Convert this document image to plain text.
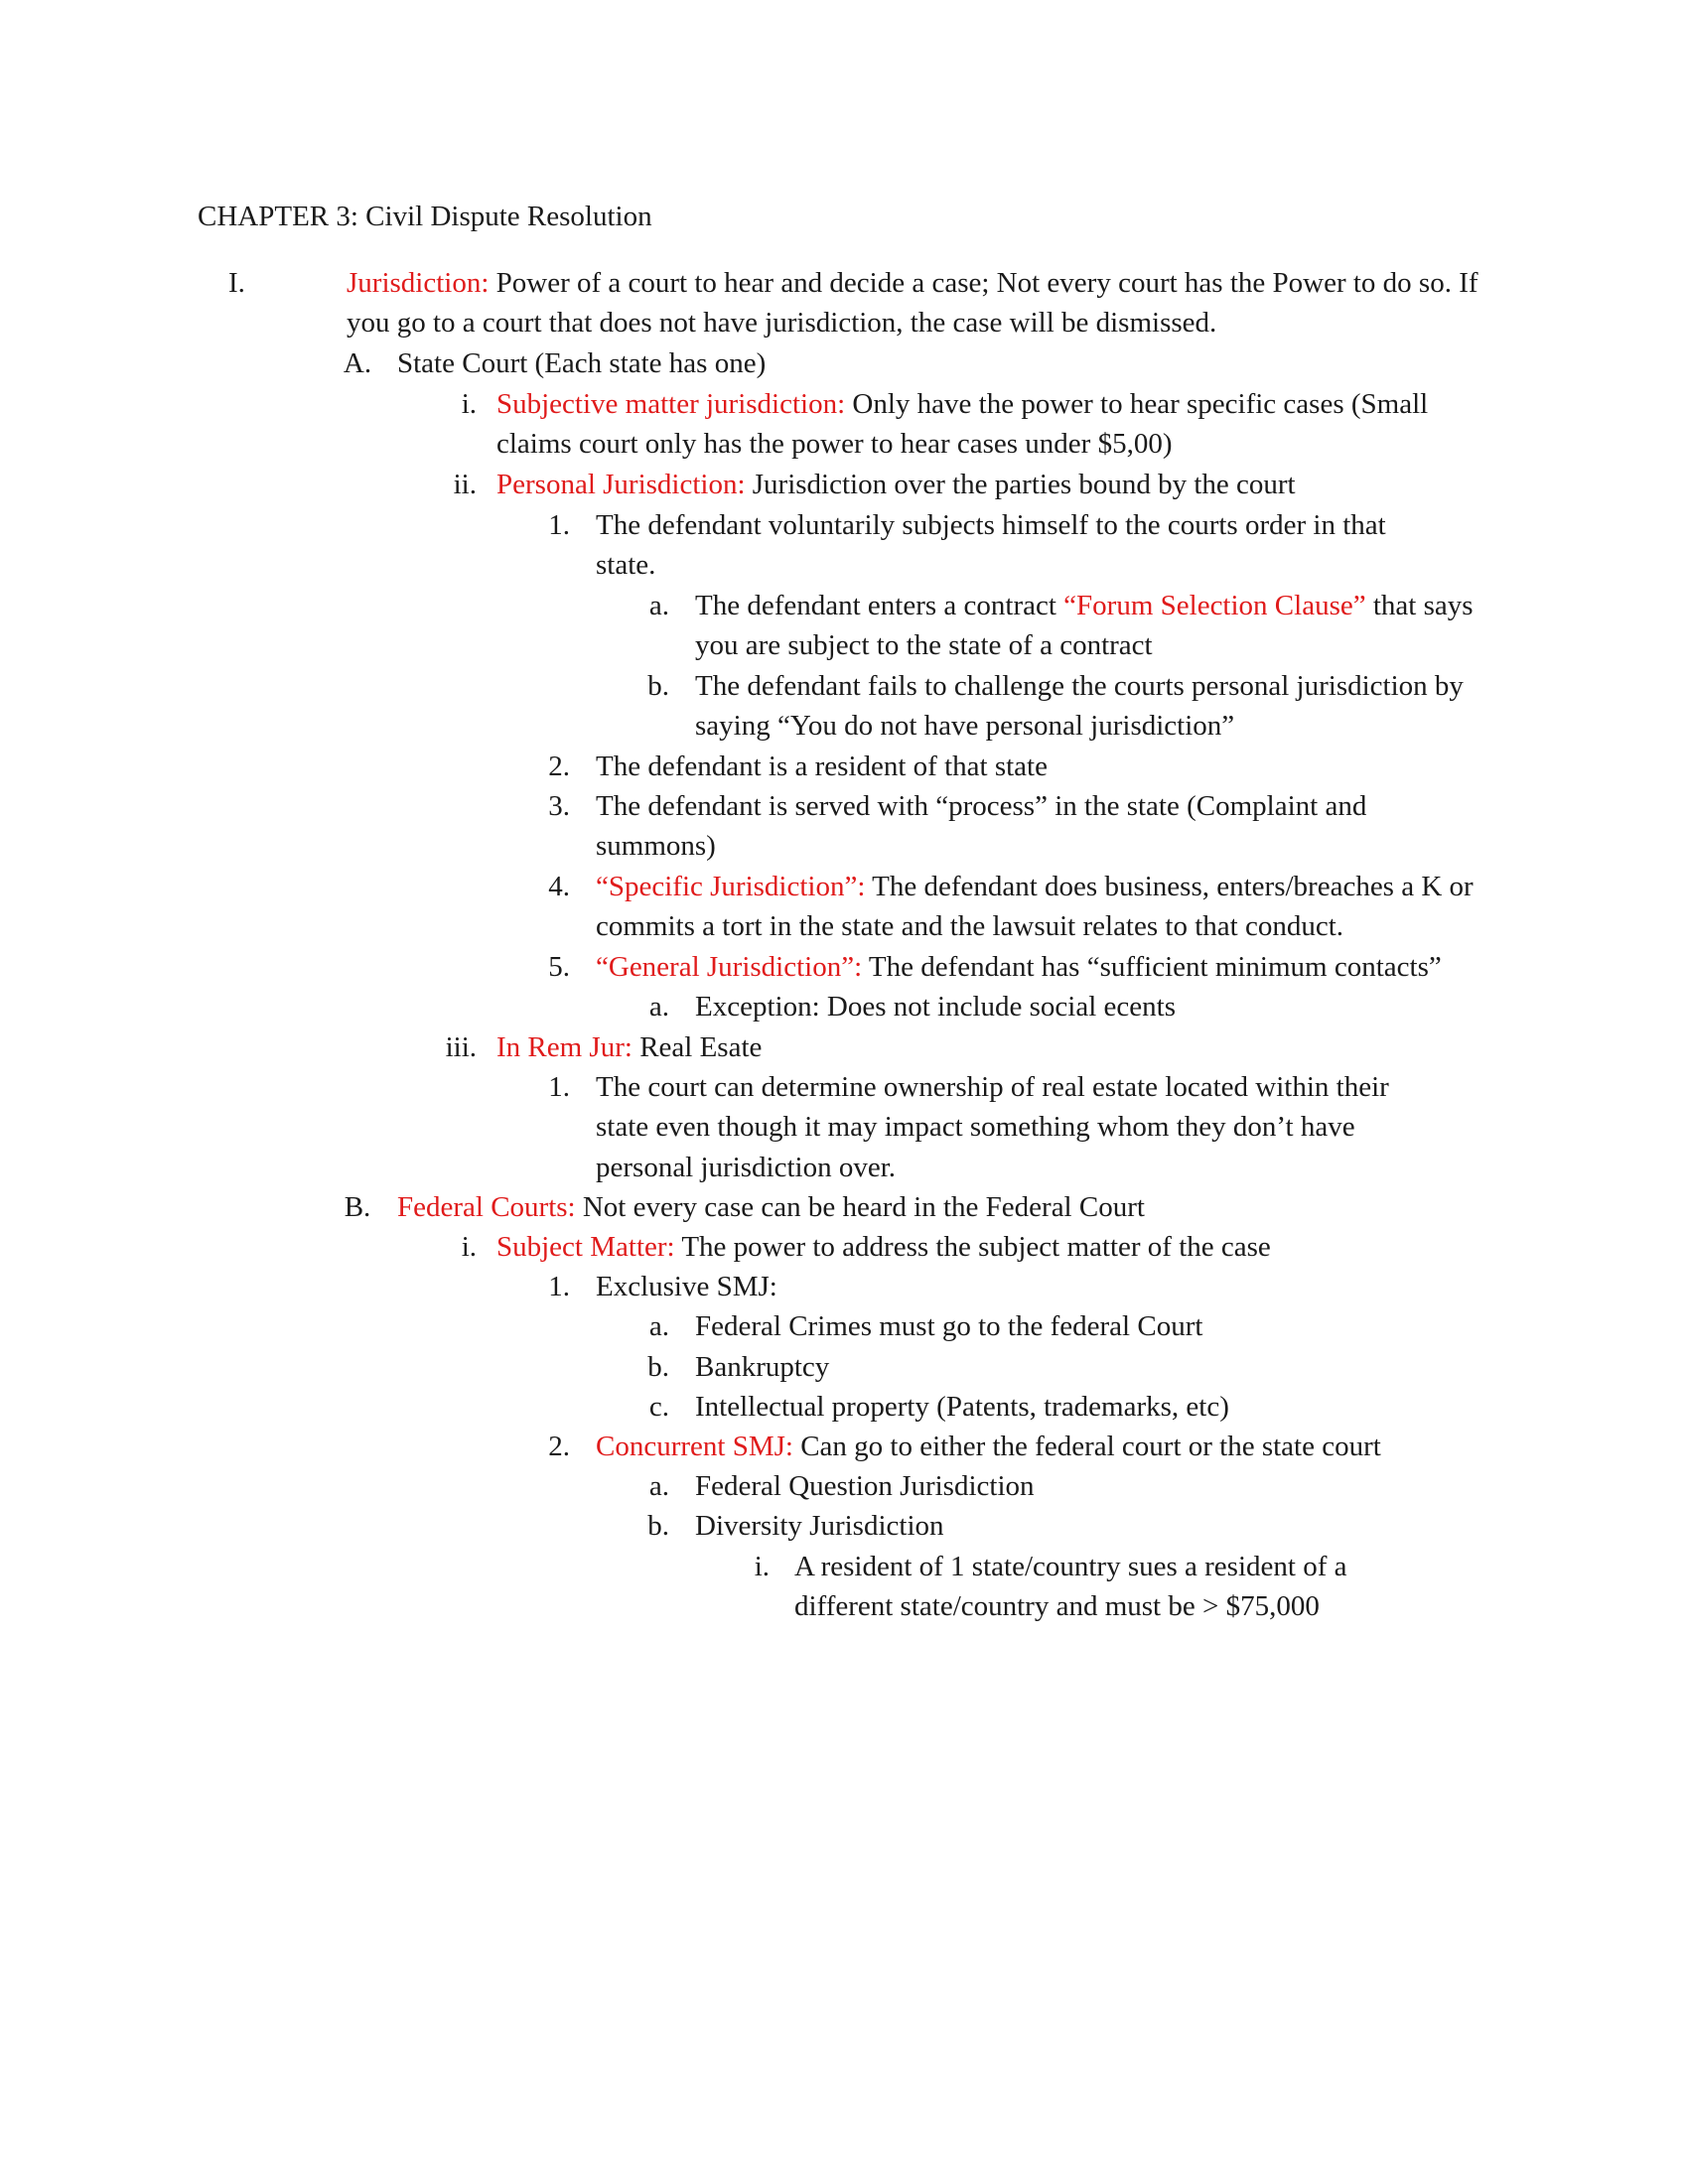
CHAPTER 3: Civil Dispute Resolution
I.	Jurisdiction: Power of a court to hear and decide a case; Not every court has the Power to do so. If you go to a court that does not have jurisdiction, the case will be dismissed.
A. State Court (Each state has one)
i. Subjective matter jurisdiction: Only have the power to hear specific cases (Small claims court only has the power to hear cases under $5,00)
ii. Personal Jurisdiction: Jurisdiction over the parties bound by the court
1. The defendant voluntarily subjects himself to the courts order in that state.
a. The defendant enters a contract “Forum Selection Clause” that says you are subject to the state of a contract
b. The defendant fails to challenge the courts personal jurisdiction by saying “You do not have personal jurisdiction”
2. The defendant is a resident of that state
3. The defendant is served with “process” in the state (Complaint and summons)
4. “Specific Jurisdiction”: The defendant does business, enters/breaches a K or commits a tort in the state and the lawsuit relates to that conduct.
5. “General Jurisdiction”: The defendant has “sufficient minimum contacts”
a. Exception: Does not include social ecents
iii. In Rem Jur: Real Esate
1. The court can determine ownership of real estate located within their state even though it may impact something whom they don’t have personal jurisdiction over.
B. Federal Courts: Not every case can be heard in the Federal Court
i. Subject Matter: The power to address the subject matter of the case
1. Exclusive SMJ:
a. Federal Crimes must go to the federal Court
b. Bankruptcy
c. Intellectual property (Patents, trademarks, etc)
2. Concurrent SMJ: Can go to either the federal court or the state court
a. Federal Question Jurisdiction
b. Diversity Jurisdiction
i. A resident of 1 state/country sues a resident of a different state/country and must be > $75,000
